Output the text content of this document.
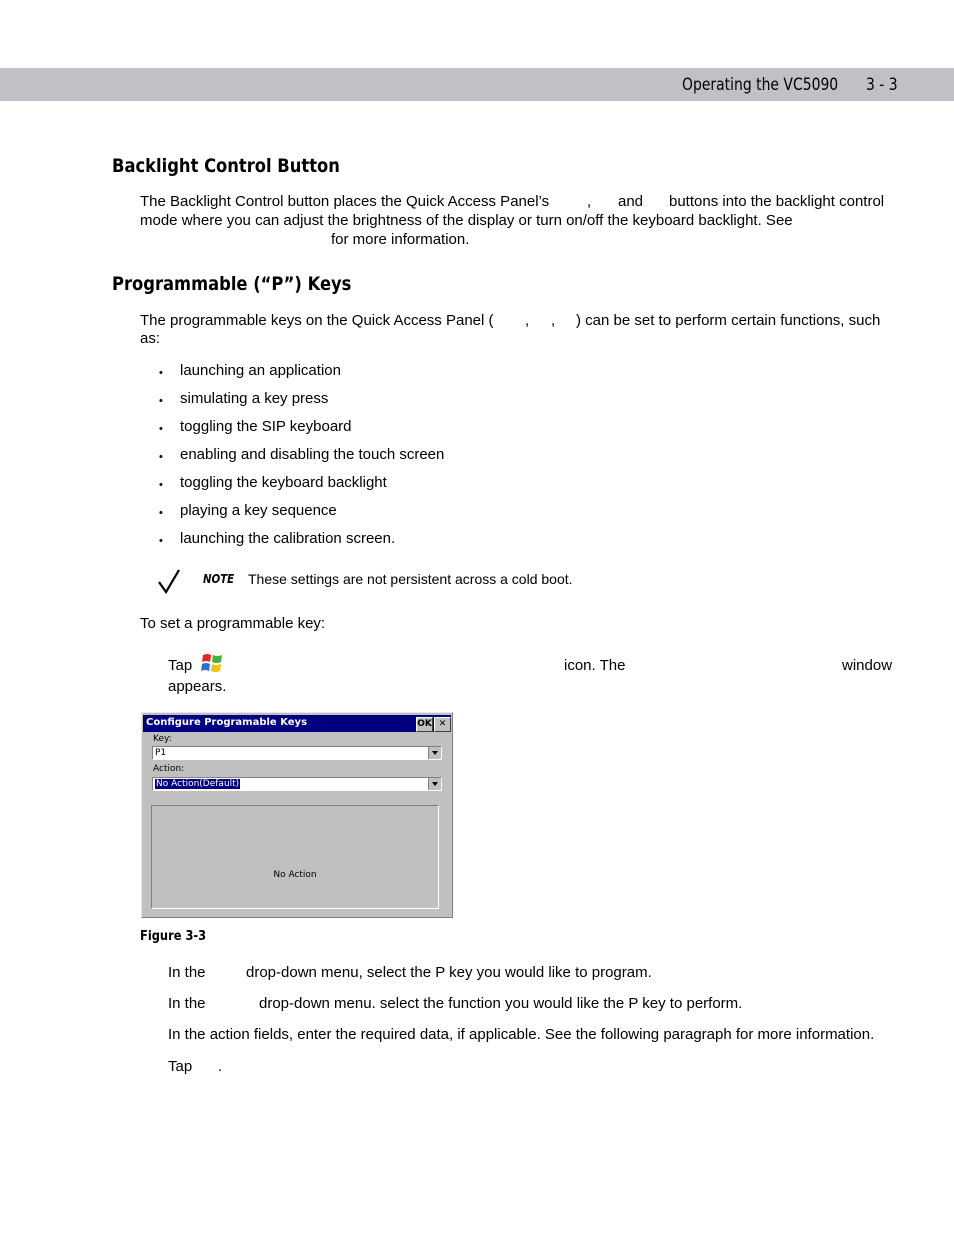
Operating the VC5090 3 - 3
Backlight Control Button
The Backlight Control button places the Quick Access Panel’s	, and buttons into the backlight control
mode where you can adjust the brightness of the display or turn on/off the keyboard backlight. See
for more information.
Programmable (“P”) Keys
The programmable keys on the Quick Access Panel ( , , ) can be set to perform certain functions, such
as:
• launching an application
• simulating a key press
• toggling the SIP keyboard
• enabling and disabling the touch screen
• toggling the keyboard backlight
• playing a key sequence
• launching the calibration screen.
NOTE These settings are not persistent across a cold boot.
To set a programmable key:
Tap	icon. The	window
appears.
Configure Programable Keys	OK ✕
Key:
P1
Action:
No Action(Default)
No Action
Figure 3-3
In the	drop-down menu, select the P key you would like to program.
In the	drop-down menu. select the function you would like the P key to perform.
In the action fields, enter the required data, if applicable. See the following paragraph for more information.
Tap .
